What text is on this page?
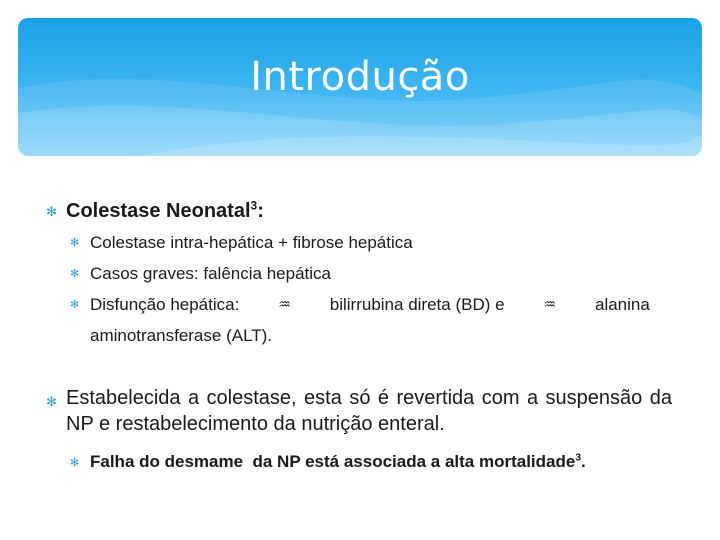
Introdução
✻ Colestase Neonatal$^3$:
✻ Colestase intra-hepática + fibrose hepática
✻ Casos graves: falência hepática
✻ Disfunção hepática:	♒	bilirrubina direta (BD) e	♒	alanina
aminotransferase (ALT).
✻ Estabelecida a colestase, esta só é revertida com a suspensão da NP e restabelecimento da nutrição enteral.
✻ Falha do desmame  da NP está associada a alta mortalidade$^3$.
